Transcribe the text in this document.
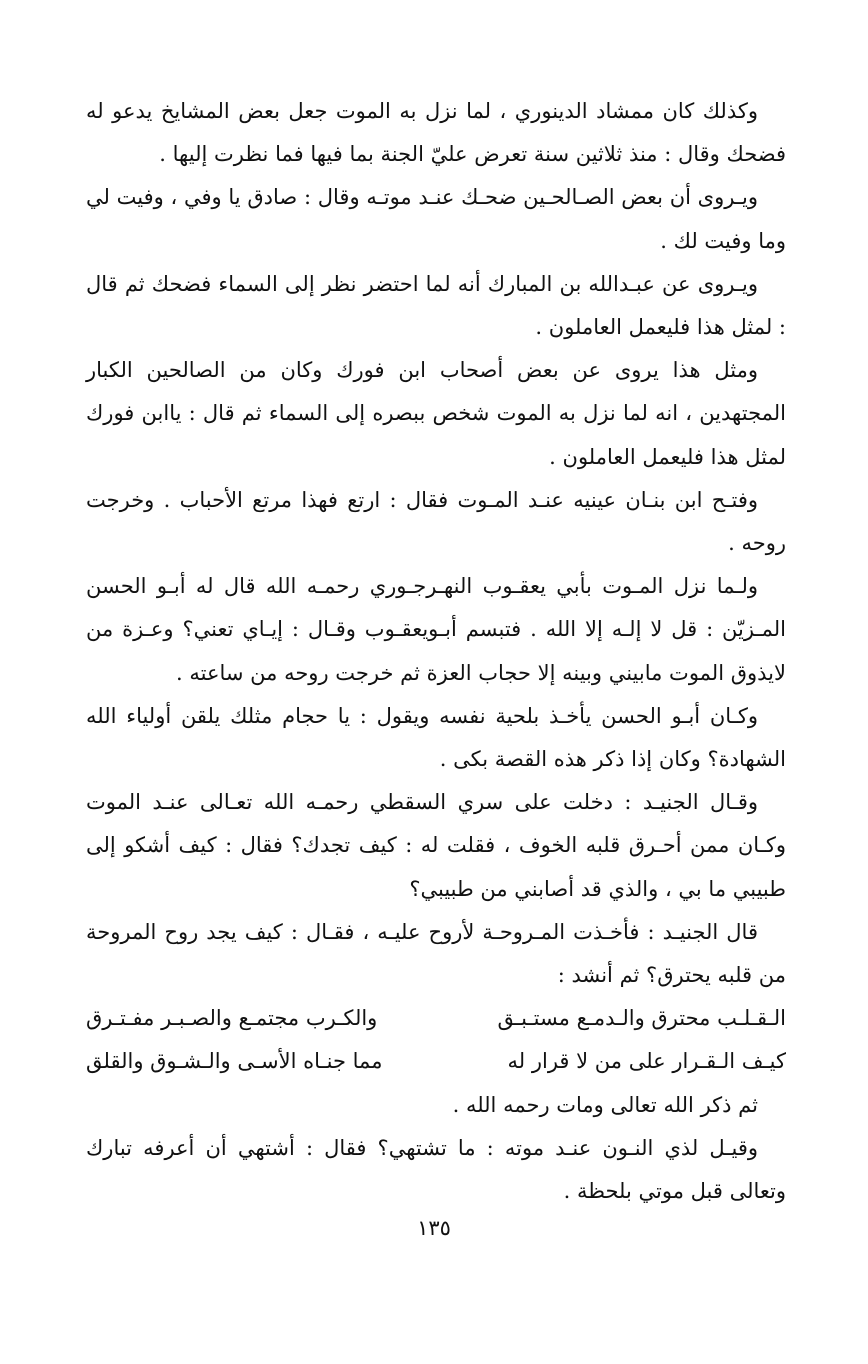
وكذلك كان ممشاد الدينوري ، لما نزل به الموت جعل بعض المشايخ يدعو له فضحك وقال : منذ ثلاثين سنة تعرض عليّ الجنة بما فيها فما نظرت إليها .

ويـروى أن بعض الصـالحـين ضحـك عنـد موتـه وقال : صادق يا وفي ، وفيت لي وما وفيت لك .

ويـروى عن عبـدالله بن المبارك أنه لما احتضر نظر إلى السماء فضحك ثم قال : لمثل هذا فليعمل العاملون .

ومثل هذا يروى عن بعض أصحاب ابن فورك وكان من الصالحين الكبار المجتهدين ، انه لما نزل به الموت شخص ببصره إلى السماء ثم قال : ياابن فورك لمثل هذا فليعمل العاملون .

وفتـح ابن بنـان عينيه عنـد المـوت فقال : ارتع فهذا مرتع الأحباب . وخرجت روحه .

ولـما نزل المـوت بأبي يعقـوب النهـرجـوري رحمـه الله قال له أبـو الحسن المـزيّن : قل لا إلـه إلا الله . فتبسم أبـويعقـوب وقـال : إيـاي تعني؟ وعـزة من لايذوق الموت مابيني وبينه إلا حجاب العزة ثم خرجت روحه من ساعته .

وكـان أبـو الحسن يأخـذ بلحية نفسه ويقول : يا حجام مثلك يلقن أولياء الله الشهادة؟ وكان إذا ذكر هذه القصة بكى .

وقـال الجنيـد : دخلت على سري السقطي رحمـه الله تعـالى عنـد الموت وكـان ممن أحـرق قلبه الخوف ، فقلت له : كيف تجدك؟ فقال : كيف أشكو إلى طبيبي ما بي ، والذي قد أصابني من طبيبي؟

قال الجنيـد : فأخـذت المـروحـة لأروح عليـه ، فقـال : كيف يجد روح المروحة من قلبه يحترق؟ ثم أنشد :

الـقـلـب محترق والـدمـع مستـبـق
والكـرب مجتمـع والصـبـر مفـتـرق
كيـف الـقـرار على من لا قرار له
مما جنـاه الأسـى والـشـوق والقلق

ثم ذكر الله تعالى ومات رحمه الله .

وقيـل لذي النـون عنـد موته : ما تشتهي؟ فقال : أشتهي أن أعرفه تبارك وتعالى قبل موتي بلحظة .

١٣٥
